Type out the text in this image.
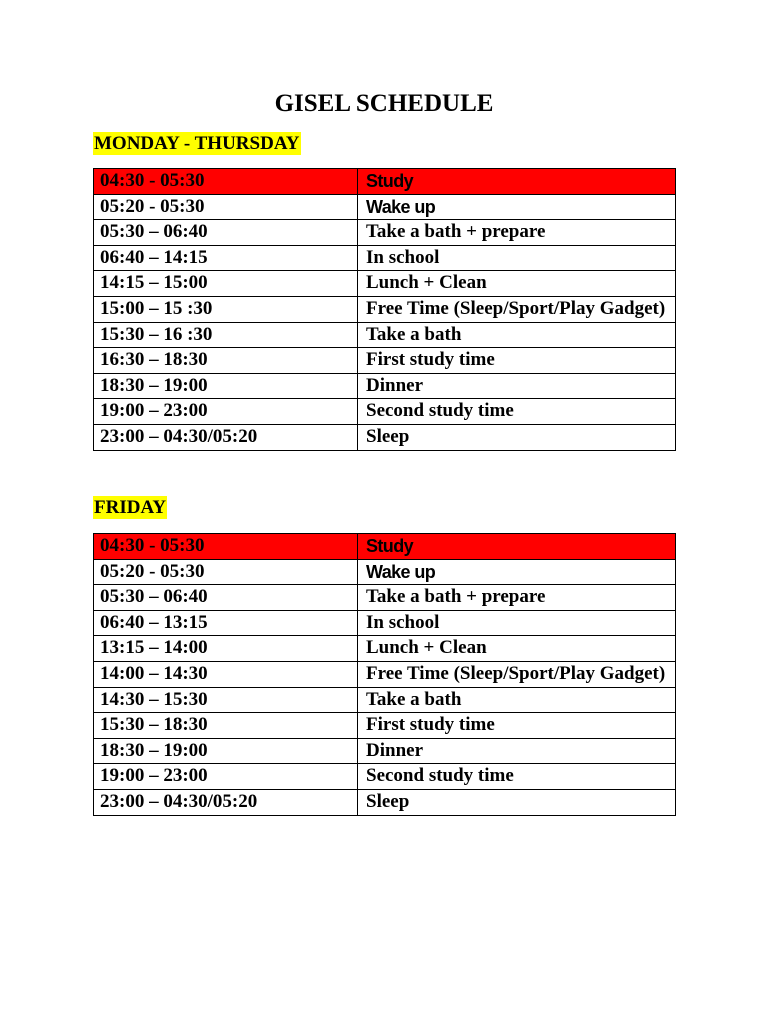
GISEL SCHEDULE
MONDAY - THURSDAY
04:30 - 05:30	Study
05:20 - 05:30	Wake up
05:30 – 06:40	Take a bath + prepare
06:40 – 14:15	In school
14:15 – 15:00	Lunch + Clean
15:00 – 15 :30	Free Time (Sleep/Sport/Play Gadget)
15:30 – 16 :30	Take a bath
16:30 – 18:30	First study time
18:30 – 19:00	Dinner
19:00 – 23:00	Second study time
23:00 – 04:30/05:20	Sleep
FRIDAY
04:30 - 05:30	Study
05:20 - 05:30	Wake up
05:30 – 06:40	Take a bath + prepare
06:40 – 13:15	In school
13:15 – 14:00	Lunch + Clean
14:00 – 14:30	Free Time (Sleep/Sport/Play Gadget)
14:30 – 15:30	Take a bath
15:30 – 18:30	First study time
18:30 – 19:00	Dinner
19:00 – 23:00	Second study time
23:00 – 04:30/05:20	Sleep
